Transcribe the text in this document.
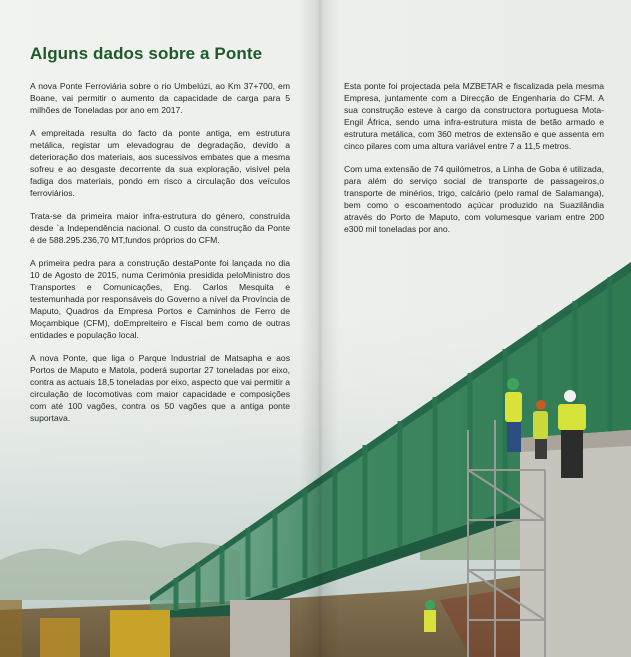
Alguns dados sobre a Ponte

A nova Ponte Ferroviária sobre o rio Umbelúzi, ao Km 37+700, em Boane, vai permitir o aumento da capacidade de carga para 5 milhões de Toneladas por ano em 2017.

A empreitada resulta do facto da ponte antiga, em estrutura metálica, registar um elevadograu de degradação, devido a deterioração dos materiais, aos sucessivos embates que a mesma sofreu e ao desgaste decorrente da sua exploração, visível pela fadiga dos materiais, pondo em risco a circulação dos veículos ferroviários.

Trata-se da primeira maior infra-estrutura do género, construída desde `a Independência nacional. O custo da construção da Ponte é de 588.295.236,70 MT,fundos próprios do CFM.

A primeira pedra para a construção destaPonte foi lançada no dia 10 de Agosto de 2015, numa Cerimónia presidida peloMinistro dos Transportes e Comunicações, Eng. Carlos Mesquita e testemunhada por responsáveis do Governo a nível da Província de Maputo, Quadros da Empresa Portos e Caminhos de Ferro de Moçambique (CFM), doEmpreiteiro e Fiscal bem como de outras entidades e população local.

A nova Ponte, que liga o Parque Industrial de Matsapha e aos Portos de Maputo e Matola, poderá suportar 27 toneladas por eixo, contra as actuais 18,5 toneladas por eixo, aspecto que vai permitir a circulação de locomotivas com maior capacidade e composições com até 100 vagões, contra os 50 vagões que a antiga ponte suportava.

Esta ponte foi projectada pela MZBETAR e fiscalizada pela mesma Empresa, juntamente com a Direcção de Engenharia do CFM. A sua construção esteve à cargo da constructora portuguesa Mota-Engil África, sendo uma infra-estrutura mista de betão armado e estrutura metálica, com 360 metros de extensão e que assenta em cinco pilares com uma altura variável entre 7 a 11,5 metros.

Com uma extensão de 74 quilómetros, a Linha de Goba é utilizada, para além do serviço social de transporte de passageiros,o transporte de minérios, trigo, calcário (pelo ramal de Salamanga), bem como o escoamentodo açúcar produzido na Suazilândia através do Porto de Maputo, com volumesque variam entre 200 e300 mil toneladas por ano.
